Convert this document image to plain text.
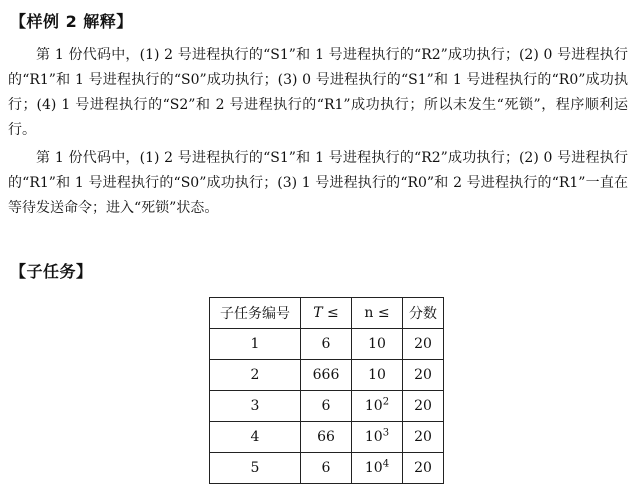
【样例 2 解释】

第 1 份代码中，(1) 2 号进程执行的“S1”和 1 号进程执行的“R2”成功执行；(2) 0 号进程执行的“R1”和 1 号进程执行的“S0”成功执行；(3) 0 号进程执行的“S1”和 1 号进程执行的“R0”成功执行；(4) 1 号进程执行的“S2”和 2 号进程执行的“R1”成功执行；所以未发生“死锁”，程序顺利运行。

第 1 份代码中，(1) 2 号进程执行的“S1”和 1 号进程执行的“R2”成功执行；(2) 0 号进程执行的“R1”和 1 号进程执行的“S0”成功执行；(3) 1 号进程执行的“R0”和 2 号进程执行的“R1”一直在等待发送命令；进入“死锁”状态。

【子任务】
子任务编号	T ≤	n ≤	分数
1	6	10	20
2	666	10	20
3	6	$10^2$	20
4	66	$10^3$	20
5	6	$10^4$	20
